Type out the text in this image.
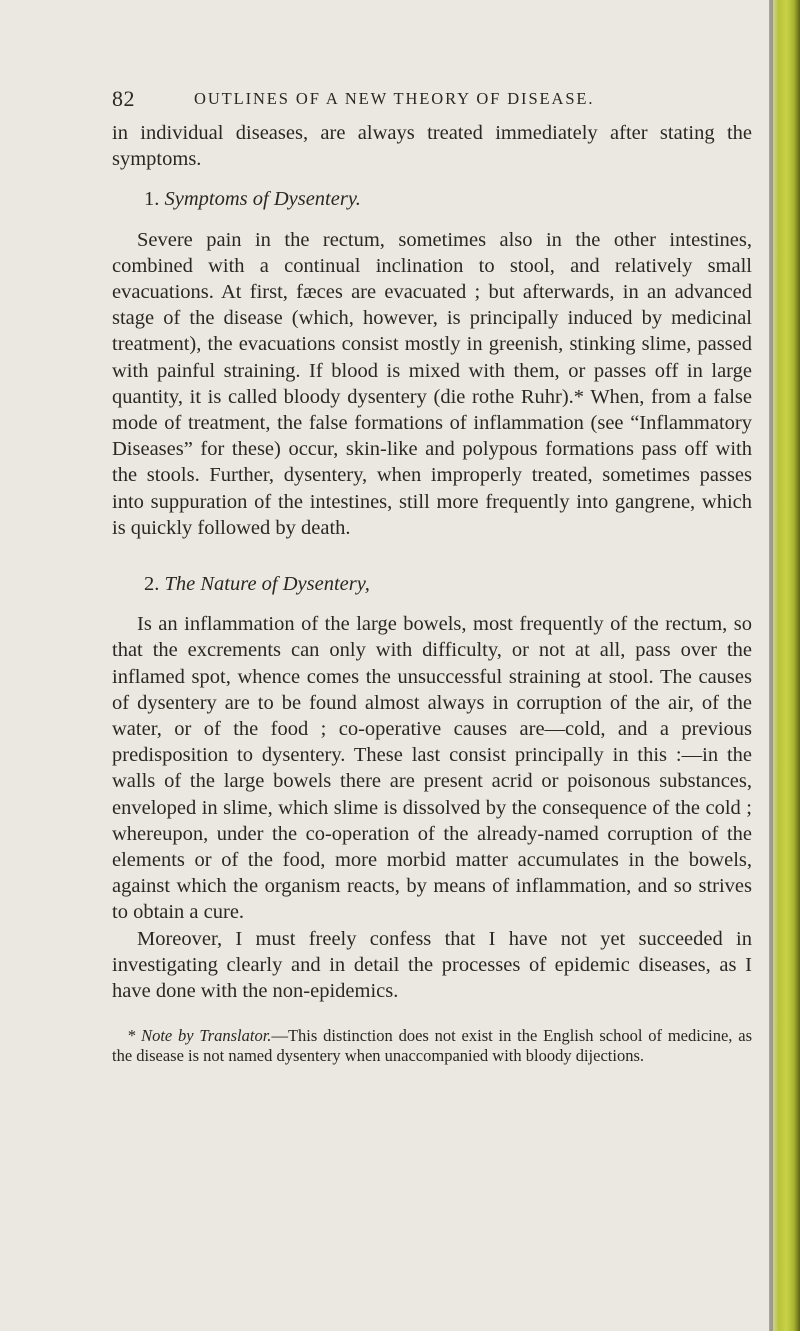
82	OUTLINES OF A NEW THEORY OF DISEASE.

in individual diseases, are always treated immediately after stating the symptoms.

1. Symptoms of Dysentery.

Severe pain in the rectum, sometimes also in the other intestines, combined with a continual inclination to stool, and relatively small evacuations. At first, fæces are evacuated ; but afterwards, in an advanced stage of the disease (which, however, is principally induced by medicinal treatment), the evacuations consist mostly in greenish, stinking slime, passed with painful straining. If blood is mixed with them, or passes off in large quantity, it is called bloody dysentery (die rothe Ruhr).* When, from a false mode of treatment, the false formations of inflammation (see “Inflammatory Diseases” for these) occur, skin-like and polypous formations pass off with the stools. Further, dysentery, when improperly treated, sometimes passes into suppuration of the intestines, still more frequently into gangrene, which is quickly followed by death.

2. The Nature of Dysentery,

Is an inflammation of the large bowels, most frequently of the rectum, so that the excrements can only with difficulty, or not at all, pass over the inflamed spot, whence comes the unsuccessful straining at stool. The causes of dysentery are to be found almost always in corruption of the air, of the water, or of the food ; co-operative causes are—cold, and a previous predisposition to dysentery. These last consist principally in this :—in the walls of the large bowels there are present acrid or poisonous substances, enveloped in slime, which slime is dissolved by the consequence of the cold ; whereupon, under the co-operation of the already-named corruption of the elements or of the food, more morbid matter accumulates in the bowels, against which the organism reacts, by means of inflammation, and so strives to obtain a cure.

Moreover, I must freely confess that I have not yet succeeded in investigating clearly and in detail the processes of epidemic diseases, as I have done with the non-epidemics.

* Note by Translator.—This distinction does not exist in the English school of medicine, as the disease is not named dysentery when unaccompanied with bloody dijections.
